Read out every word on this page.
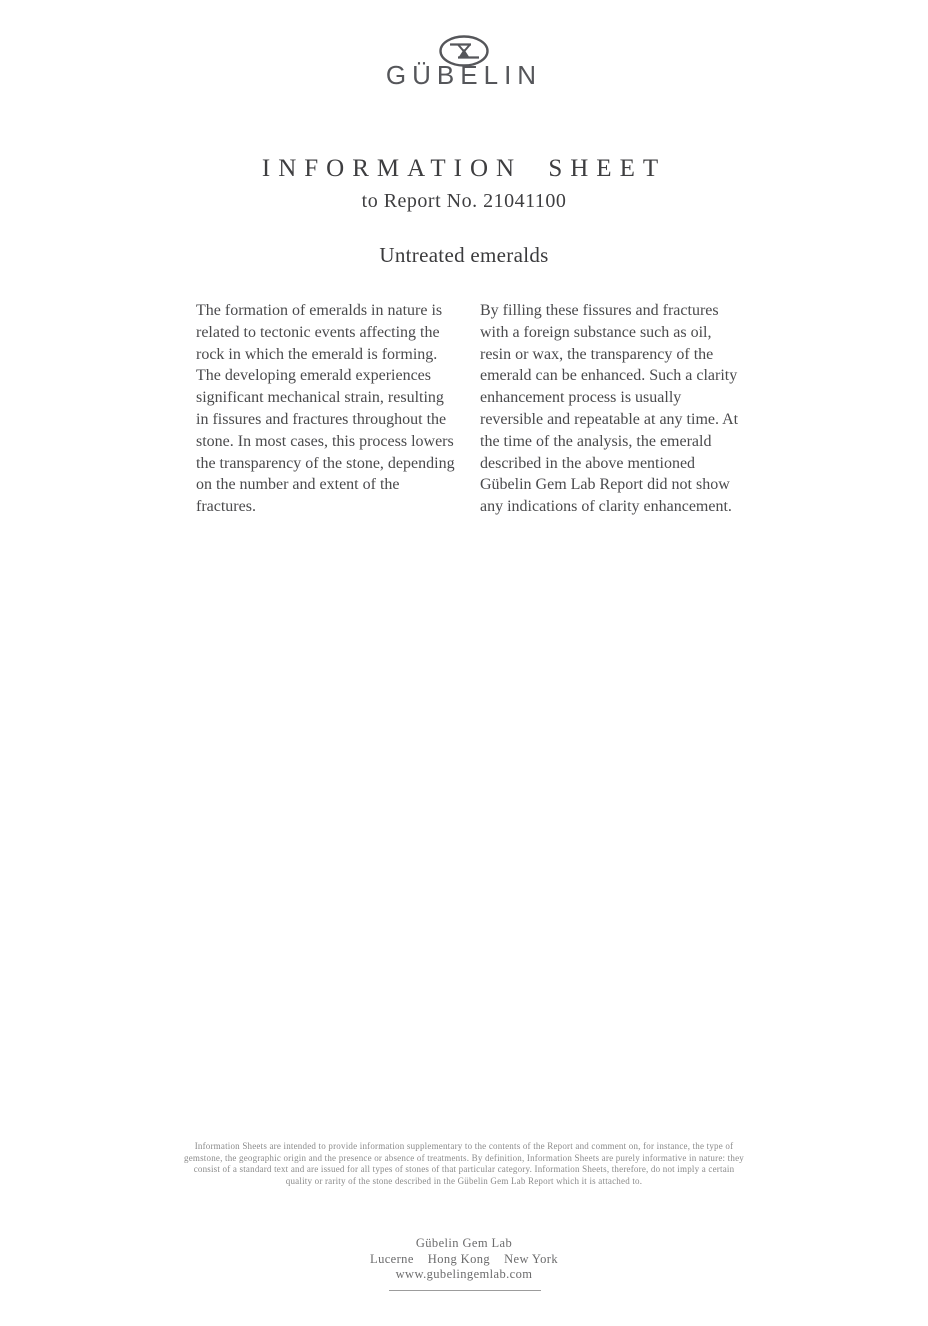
GÜBELIN
INFORMATION SHEET
to Report No. 21041100
Untreated emeralds
The formation of emeralds in nature is related to tectonic events affecting the rock in which the emerald is forming. The developing emerald experiences significant mechanical strain, resulting in fissures and fractures throughout the stone. In most cases, this process lowers the transparency of the stone, depending on the number and extent of the fractures.
By filling these fissures and fractures with a foreign substance such as oil, resin or wax, the transparency of the emerald can be enhanced. Such a clarity enhancement process is usually reversible and repeatable at any time. At the time of the analysis, the emerald described in the above mentioned Gübelin Gem Lab Report did not show any indications of clarity enhancement.
Information Sheets are intended to provide information supplementary to the contents of the Report and comment on, for instance, the type of gemstone, the geographic origin and the presence or absence of treatments. By definition, Information Sheets are purely informative in nature: they consist of a standard text and are issued for all types of stones of that particular category. Information Sheets, therefore, do not imply a certain quality or rarity of the stone described in the Gübelin Gem Lab Report which it is attached to.
Gübelin Gem Lab
Lucerne Hong Kong New York
www.gubelingemlab.com
